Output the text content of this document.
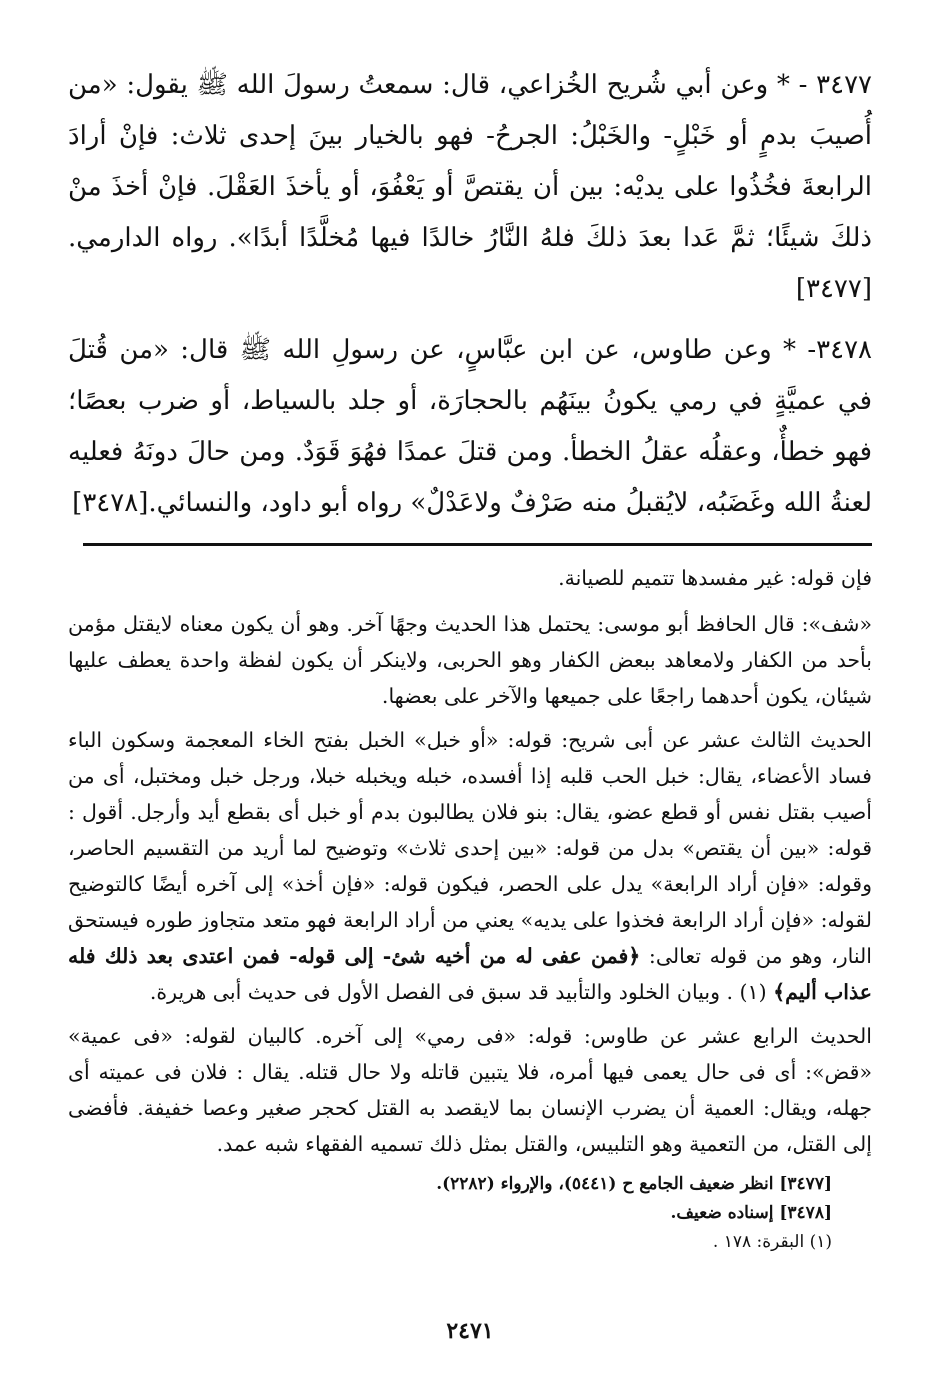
٣٤٧٧ - * وعن أبي شُريح الخُزاعي، قال: سمعتُ رسولَ الله ﷺ يقول: «من أُصيبَ بدمٍ أو خَبْلٍ- والخَبْلُ: الجرحُ- فهو بالخيار بينَ إحدى ثلاث: فإنْ أرادَ الرابعةَ فخُذُوا على يديْه: بين أن يقتصَّ أو يَعْفُوَ، أو يأخذَ العَقْلَ. فإنْ أخذَ منْ ذلكَ شيئًا؛ ثمَّ عَدا بعدَ ذلكَ فلهُ النَّارُ خالدًا فيها مُخلَّدًا أبدًا». رواه الدارمي.[٣٤٧٧]

٣٤٧٨- * وعن طاوس، عن ابن عبَّاسٍ، عن رسولِ الله ﷺ قال: «من قُتلَ في عميَّةٍ في رمي يكونُ بينَهُم بالحجارَة، أو جلد بالسياط، أو ضرب بعصًا؛ فهو خطأٌ، وعقلُه عقلُ الخطأ. ومن قتلَ عمدًا فهُوَ قَوَدٌ. ومن حالَ دونَهُ فعليه لعنةُ الله وغَضَبُه، لايُقبلُ منه صَرْفٌ ولاعَدْلٌ» رواه أبو داود، والنسائي.[٣٤٧٨]

فإن قوله: غير مفسدها تتميم للصيانة.

«شف»: قال الحافظ أبو موسى: يحتمل هذا الحديث وجهًا آخر. وهو أن يكون معناه لايقتل مؤمن بأحد من الكفار ولامعاهد ببعض الكفار وهو الحربى، ولاينكر أن يكون لفظة واحدة يعطف عليها شيئان، يكون أحدهما راجعًا على جميعها والآخر على بعضها.

الحديث الثالث عشر عن أبى شريح: قوله: «أو خبل» الخبل بفتح الخاء المعجمة وسكون الباء فساد الأعضاء، يقال: خبل الحب قلبه إذا أفسده، خبله ويخبله خبلا، ورجل خبل ومختبل، أى من أصيب بقتل نفس أو قطع عضو، يقال: بنو فلان يطالبون بدم أو خبل أى بقطع أيد وأرجل. أقول : قوله: «بين أن يقتص» بدل من قوله: «بين إحدى ثلاث» وتوضيح لما أريد من التقسيم الحاصر، وقوله: «فإن أراد الرابعة» يدل على الحصر، فيكون قوله: «فإن أخذ» إلى آخره أيضًا كالتوضيح لقوله: «فإن أراد الرابعة فخذوا على يديه» يعني من أراد الرابعة فهو متعد متجاوز طوره فيستحق النار، وهو من قوله تعالى: ﴿فمن عفى له من أخيه شئ- إلى قوله- فمن اعتدى بعد ذلك فله عذاب أليم﴾ (١) . وبيان الخلود والتأبيد قد سبق فى الفصل الأول فى حديث أبى هريرة.

الحديث الرابع عشر عن طاوس: قوله: «فى رمي» إلى آخره. كالبيان لقوله: «فى عمية» «قض»: أى فى حال يعمى فيها أمره، فلا يتبين قاتله ولا حال قتله. يقال : فلان فى عميته أى جهله، ويقال: العمية أن يضرب الإنسان بما لايقصد به القتل كحجر صغير وعصا خفيفة. فأفضى إلى القتل، من التعمية وهو التلبيس، والقتل بمثل ذلك تسميه الفقهاء شبه عمد.

[٣٤٧٧] انظر ضعيف الجامع ح (٥٤٤١)، والإرواء (٢٢٨٢).

[٣٤٧٨] إسناده ضعيف.

(١) البقرة: ١٧٨ .

٢٤٧١
